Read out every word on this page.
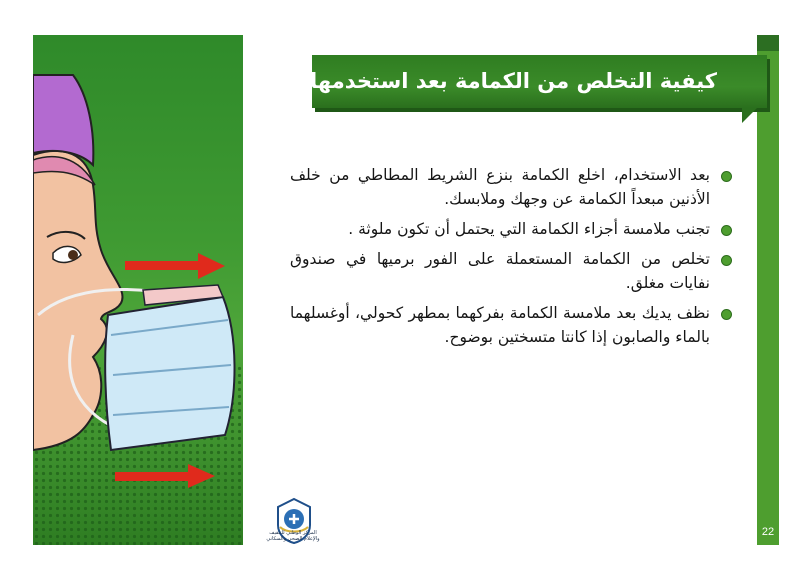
كيفية التخلص من الكمامة بعد استخدمها
بعد الاستخدام، اخلع الكمامة بنزع الشريط المطاطي من خلف الأذنين مبعداً الكمامة عن وجهك وملابسك.
تجنب ملامسة أجزاء الكمامة التي يحتمل أن تكون ملوثة .
تخلص من الكمامة المستعملة على الفور برميها في صندوق نفايات مغلق.
نظف يديك بعد ملامسة الكمامة بفركهما بمطهر كحولي، أوغسلهما بالماء والصابون إذا كانتا متسختين بوضوح.
المركز الوطني للتثقيف والإعلام الصحي والسكاني
22
